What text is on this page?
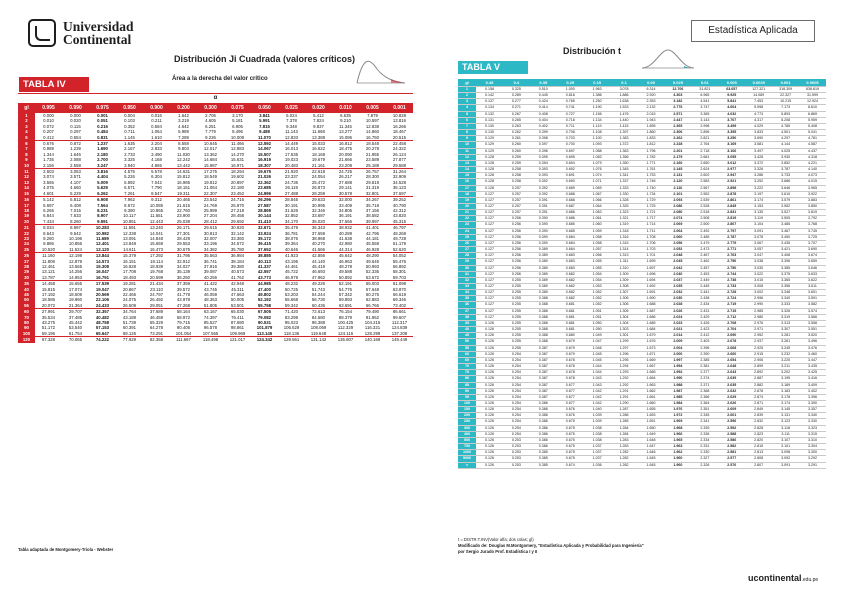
Universidad
Continental
Estadística Aplicada
Distribución Ji Cuadrada (valores críticos)
Área a la derecha del valor crítico
TABLA IV
α
gl	0.995	0.990	0.975	0.950	0.900	0.200	0.300	0.075	0.050	0.025	0.020	0.010	0.005	0.001
1	0.000	0.000	0.001	0.004	0.016	1.642	2.706	3.170	3.841	5.024	5.412	6.635	7.879	10.828
2	0.010	0.020	0.051	0.103	0.211	3.219	4.605	5.181	5.991	7.378	7.824	9.210	10.597	13.816
3	0.072	0.115	0.216	0.352	0.584	4.642	6.251	6.905	7.815	9.348	9.837	11.345	12.838	16.266
4	0.207	0.297	0.484	0.711	1.064	5.989	7.779	8.496	9.488	11.143	11.668	13.277	14.860	18.467
5	0.412	0.554	0.831	1.145	1.610	7.289	9.236	10.008	11.070	12.833	13.388	15.086	16.750	20.515
6	0.676	0.872	1.237	1.635	2.204	8.558	10.645	11.466	12.592	14.449	15.033	16.812	18.548	22.458
7	0.989	1.239	1.690	2.167	2.833	9.803	12.017	12.883	14.067	16.013	16.622	18.475	20.278	24.322
8	1.344	1.646	2.180	2.733	3.490	11.030	13.362	14.270	15.507	17.535	18.168	20.090	21.955	26.124
9	1.735	2.088	2.700	3.325	4.168	12.242	14.684	15.631	16.919	19.023	19.679	21.666	23.589	27.877
10	2.156	2.558	3.247	3.940	4.865	13.442	15.987	16.971	18.307	20.483	21.161	23.209	25.188	29.588
11	2.603	3.053	3.816	4.575	5.578	14.631	17.275	18.294	19.675	21.920	22.618	24.725	26.757	31.264
12	3.074	3.571	4.404	5.226	6.304	15.812	18.549	19.602	21.026	23.337	24.054	26.217	28.300	32.909
13	3.565	4.107	5.009	5.892	7.042	16.985	19.812	20.897	22.362	24.736	25.472	27.688	29.819	34.528
14	4.075	4.660	5.629	6.571	7.790	18.151	21.064	22.180	23.685	26.119	26.873	29.141	31.319	36.123
15	4.601	5.229	6.262	7.261	8.547	19.311	22.307	23.452	24.996	27.488	28.259	30.578	32.801	37.697
16	5.142	5.812	6.908	7.962	9.312	20.465	23.542	24.716	26.296	28.845	29.633	32.000	34.267	39.252
17	5.697	6.408	7.564	8.672	10.085	21.615	24.769	25.970	27.587	30.191	30.995	33.409	35.718	40.790
18	6.265	7.015	8.231	9.390	10.865	22.760	25.989	27.218	28.869	31.526	32.346	34.805	37.156	42.312
19	6.844	7.633	8.907	10.117	11.651	23.900	27.204	28.458	30.144	32.852	33.687	36.191	38.582	43.820
20	7.434	8.260	9.591	10.851	12.443	25.038	28.412	29.692	31.410	34.170	35.020	37.566	39.997	45.315
21	8.034	8.897	10.283	11.591	13.240	26.171	29.615	30.920	32.671	35.479	36.343	38.932	41.401	46.797
22	8.643	9.542	10.982	12.338	14.041	27.301	30.813	32.142	33.924	36.781	37.659	40.289	42.796	48.268
23	9.260	10.196	11.689	13.091	14.848	28.429	32.007	33.360	35.172	38.076	38.968	41.638	44.181	49.728
24	9.886	10.856	12.401	13.848	15.659	29.553	33.196	34.572	36.415	39.364	40.270	42.980	45.559	51.179
25	10.520	11.524	13.120	14.611	16.473	30.675	34.382	35.780	37.652	40.646	41.566	44.314	46.928	52.620
26	11.160	12.198	13.844	15.379	17.292	31.795	35.563	36.984	38.885	41.923	42.856	45.642	48.290	54.052
27	11.808	12.879	14.573	16.151	18.114	32.912	36.741	38.184	40.113	43.195	44.140	46.963	49.645	55.476
28	12.461	13.565	15.308	16.928	18.939	34.027	37.916	39.380	41.337	44.461	45.419	48.278	50.993	56.892
29	13.121	14.256	16.047	17.708	19.768	35.139	39.087	40.573	42.557	45.722	46.693	49.588	52.336	58.301
30	13.787	14.953	16.791	18.493	20.599	36.250	40.256	41.762	43.773	46.979	47.962	50.892	53.672	59.703
35	14.458	15.655	17.539	19.281	21.434	37.359	41.422	42.948	44.985	48.232	49.226	52.191	55.003	61.098
40	15.815	17.074	19.047	20.867	23.110	39.572	43.745	45.311	47.400	50.725	51.743	54.776	57.648	63.870
45	17.192	18.509	20.569	22.465	24.797	41.778	46.059	47.663	49.802	53.203	54.244	57.342	60.275	66.619
50	18.586	19.960	22.106	24.075	26.492	43.978	48.363	50.005	52.192	55.668	56.730	59.893	62.883	69.346
55	20.072	21.364	24.433	26.509	29.051	47.268	51.805	53.501	55.758	59.342	60.436	63.691	66.766	73.402
60	27.991	29.707	32.357	34.764	37.689	58.164	63.167	65.030	67.505	71.420	72.613	76.154	79.490	86.661
70	35.534	37.485	40.482	43.188	46.459	68.972	74.397	76.411	79.082	83.298	84.580	88.379	91.952	99.607
80	43.275	45.442	48.758	51.739	55.329	79.715	85.527	87.680	90.531	95.023	96.388	100.425	104.215	112.317
90	51.172	53.540	57.153	60.391	64.278	90.405	96.578	98.861	101.879	106.629	108.069	112.329	116.321	124.839
100	59.196	61.754	65.647	69.126	73.291	101.054	107.565	109.969	113.145	118.136	119.648	124.116	128.299	137.208
120	67.328	70.065	74.222	77.929	82.358	111.667	118.498	121.017	124.342	129.561	131.142	135.807	140.169	149.449
Tabla adaptada de Montgomery-Triola - Webster
Distribución t
TABLA V
gl	0.45	0.4	0.35	0.25	0.15	0.1	0.05	0.025	0.01	0.005	0.0025	0.001	0.0005
1	0.158	0.325	0.510	1.000	1.963	3.078	6.314	12.706	31.821	63.657	127.321	318.309	636.619
2	0.142	0.289	0.445	0.816	1.386	1.886	2.920	4.303	6.965	9.925	14.089	22.327	31.599
3	0.137	0.277	0.424	0.765	1.250	1.638	2.353	3.182	4.541	5.841	7.453	10.215	12.924
4	0.134	0.271	0.414	0.741	1.190	1.533	2.132	2.776	3.747	4.604	5.598	7.173	8.610
5	0.132	0.267	0.408	0.727	1.156	1.476	2.015	2.571	3.365	4.032	4.773	5.893	6.869
6	0.131	0.265	0.404	0.718	1.134	1.440	1.943	2.447	3.143	3.707	4.317	5.208	5.959
7	0.130	0.263	0.402	0.711	1.119	1.415	1.895	2.365	2.998	3.499	4.029	4.785	5.408
8	0.130	0.262	0.399	0.706	1.108	1.397	1.860	2.306	2.896	3.355	3.833	4.501	5.041
9	0.129	0.261	0.398	0.703	1.100	1.383	1.833	2.262	2.821	3.250	3.690	4.297	4.781
10	0.129	0.260	0.397	0.700	1.093	1.372	1.812	2.228	2.764	3.169	3.581	4.144	4.587
11	0.129	0.260	0.396	0.697	1.088	1.363	1.796	2.201	2.718	3.106	3.497	4.025	4.437
12	0.128	0.259	0.395	0.695	1.083	1.356	1.782	2.179	2.681	3.055	3.428	3.930	4.318
13	0.128	0.259	0.394	0.694	1.079	1.350	1.771	2.160	2.650	3.012	3.372	3.852	4.221
14	0.128	0.258	0.393	0.692	1.076	1.345	1.761	2.145	2.624	2.977	3.326	3.787	4.140
15	0.128	0.258	0.393	0.691	1.074	1.341	1.753	2.131	2.602	2.947	3.286	3.733	4.073
16	0.128	0.258	0.392	0.690	1.071	1.337	1.746	2.120	2.583	2.921	3.252	3.686	4.015
17	0.128	0.257	0.392	0.689	1.069	1.333	1.740	2.110	2.567	2.898	3.222	3.646	3.965
18	0.127	0.257	0.392	0.688	1.067	1.330	1.734	2.101	2.552	2.878	3.197	3.610	3.922
19	0.127	0.257	0.391	0.688	1.066	1.328	1.729	2.093	2.539	2.861	3.174	3.579	3.883
20	0.127	0.257	0.391	0.687	1.064	1.325	1.725	2.086	2.528	2.845	3.153	3.552	3.850
21	0.127	0.257	0.391	0.686	1.063	1.323	1.721	2.080	2.518	2.831	3.135	3.527	3.819
22	0.127	0.256	0.390	0.686	1.061	1.321	1.717	2.074	2.508	2.819	3.119	3.505	3.792
23	0.127	0.256	0.390	0.685	1.060	1.319	1.714	2.069	2.500	2.807	3.104	3.485	3.768
24	0.127	0.256	0.390	0.685	1.059	1.318	1.711	2.064	2.492	2.797	3.091	3.467	3.745
25	0.127	0.256	0.390	0.684	1.058	1.316	1.708	2.060	2.485	2.787	3.078	3.450	3.725
26	0.127	0.256	0.390	0.684	1.058	1.315	1.706	2.056	2.479	2.779	3.067	3.435	3.707
27	0.127	0.256	0.389	0.684	1.057	1.314	1.703	2.052	2.473	2.771	3.057	3.421	3.690
28	0.127	0.256	0.389	0.683	1.056	1.313	1.701	2.048	2.467	2.763	3.047	3.408	3.674
29	0.127	0.256	0.389	0.683	1.055	1.311	1.699	2.045	2.462	2.756	3.038	3.396	3.659
30	0.127	0.256	0.389	0.683	1.055	1.310	1.697	2.042	2.457	2.750	3.030	3.385	3.646
31	0.127	0.256	0.389	0.682	1.054	1.309	1.696	2.040	2.453	2.744	3.022	3.375	3.633
32	0.127	0.255	0.389	0.682	1.054	1.309	1.694	2.037	2.449	2.738	3.015	3.365	3.622
33	0.127	0.255	0.389	0.682	1.053	1.308	1.692	2.035	2.445	2.733	3.008	3.356	3.611
34	0.127	0.255	0.389	0.682	1.052	1.307	1.691	2.032	2.441	2.728	3.002	3.348	3.601
35	0.127	0.255	0.388	0.682	1.052	1.306	1.690	2.030	2.438	2.724	2.996	3.340	3.591
36	0.127	0.255	0.388	0.681	1.052	1.306	1.688	2.028	2.434	2.719	2.990	3.333	3.582
37	0.127	0.255	0.388	0.681	1.051	1.305	1.687	2.026	2.431	2.715	2.985	3.326	3.574
38	0.127	0.255	0.388	0.681	1.051	1.304	1.686	2.024	2.429	2.712	2.980	3.319	3.566
39	0.126	0.255	0.388	0.681	1.050	1.304	1.685	2.023	2.426	2.708	2.976	3.313	3.558
40	0.126	0.255	0.388	0.681	1.050	1.303	1.684	2.021	2.423	2.704	2.971	3.307	3.551
45	0.126	0.255	0.388	0.680	1.049	1.301	1.679	2.014	2.412	2.690	2.952	3.281	3.520
50	0.126	0.255	0.388	0.679	1.047	1.299	1.676	2.009	2.403	2.678	2.937	3.261	3.496
55	0.126	0.255	0.387	0.679	1.046	1.297	1.673	2.004	2.396	2.668	2.925	3.245	3.476
60	0.126	0.254	0.387	0.679	1.045	1.296	1.671	2.000	2.390	2.660	2.915	3.232	3.460
65	0.126	0.254	0.387	0.678	1.045	1.295	1.669	1.997	2.385	2.654	2.906	3.220	3.447
70	0.126	0.254	0.387	0.678	1.044	1.294	1.667	1.994	2.381	2.648	2.899	3.211	3.435
75	0.126	0.254	0.387	0.678	1.044	1.293	1.665	1.992	2.377	2.643	2.892	3.202	3.425
80	0.126	0.254	0.387	0.678	1.043	1.292	1.664	1.990	2.374	2.639	2.887	3.195	3.416
85	0.126	0.254	0.387	0.677	1.043	1.292	1.663	1.988	2.371	2.635	2.882	3.189	3.409
90	0.126	0.254	0.387	0.677	1.042	1.291	1.662	1.987	2.368	2.632	2.878	3.183	3.402
95	0.126	0.254	0.387	0.677	1.042	1.291	1.661	1.985	2.366	2.629	2.874	3.178	3.396
100	0.126	0.254	0.386	0.677	1.042	1.290	1.660	1.984	2.364	2.626	2.871	3.174	3.390
150	0.126	0.254	0.386	0.676	1.040	1.287	1.655	1.976	2.351	2.609	2.849	3.145	3.357
200	0.126	0.254	0.386	0.676	1.039	1.286	1.653	1.972	2.345	2.601	2.839	3.131	3.340
250	0.126	0.254	0.386	0.675	1.039	1.285	1.651	1.969	2.341	2.596	2.832	3.123	3.330
300	0.126	0.254	0.386	0.675	1.038	1.284	1.650	1.968	2.339	2.592	2.828	3.118	3.323
400	0.126	0.254	0.386	0.675	1.038	1.284	1.649	1.966	2.336	2.588	2.823	3.111	3.315
500	0.126	0.253	0.386	0.675	1.038	1.283	1.648	1.965	2.334	2.586	2.820	3.107	3.310
750	0.126	0.253	0.386	0.675	1.037	1.283	1.647	1.963	2.331	2.582	2.815	3.101	3.304
1000	0.126	0.253	0.385	0.675	1.037	1.282	1.646	1.962	2.330	2.581	2.813	3.098	3.300
5000	0.126	0.253	0.385	0.675	1.037	1.282	1.645	1.960	2.327	2.577	2.808	3.092	3.292
∞	0.126	0.253	0.385	0.674	1.036	1.282	1.645	1.960	2.326	2.576	2.807	3.091	3.291
t = DISTR.T.INV(Valor alfa; dos colas; gl)
Modificado de: Douglas M.Montgomery, "Estadística Aplicada y Probabilidad para Ingeniería"
por Sergio Jurado Prof. Estadística I y II
ucontinental.edu.pe
